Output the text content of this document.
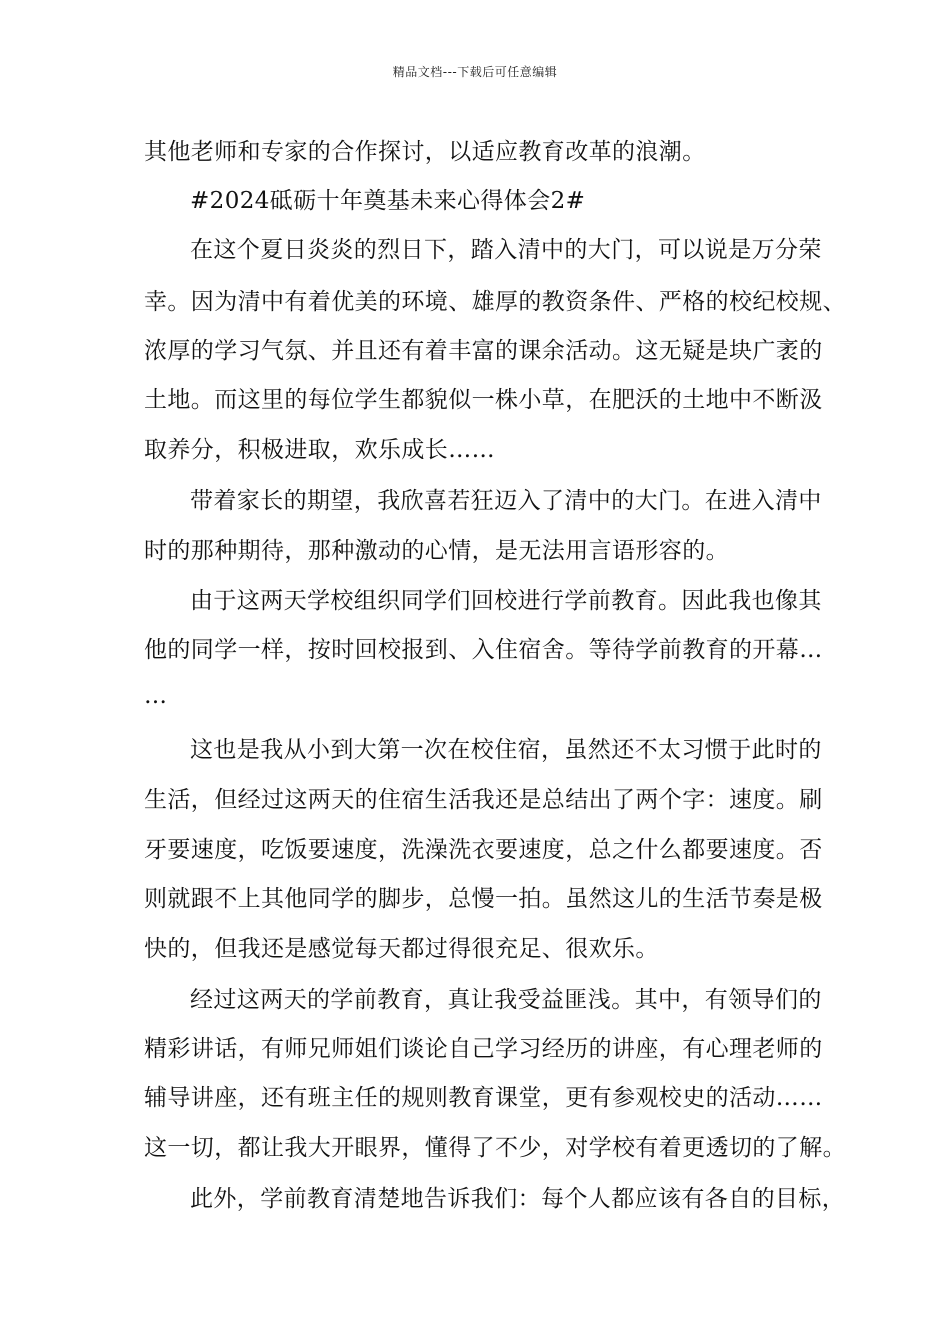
精品文档---下载后可任意编辑
其他老师和专家的合作探讨，以适应教育改革的浪潮。
#2024砥砺十年奠基未来心得体会2#
在这个夏日炎炎的烈日下，踏入清中的大门，可以说是万分荣
幸。因为清中有着优美的环境、雄厚的教资条件、严格的校纪校规、
浓厚的学习气氛、并且还有着丰富的课余活动。这无疑是块广袤的
土地。而这里的每位学生都貌似一株小草，在肥沃的土地中不断汲
取养分，积极进取，欢乐成长……
带着家长的期望，我欣喜若狂迈入了清中的大门。在进入清中
时的那种期待，那种激动的心情，是无法用言语形容的。
由于这两天学校组织同学们回校进行学前教育。因此我也像其
他的同学一样，按时回校报到、入住宿舍。等待学前教育的开幕…
…
这也是我从小到大第一次在校住宿，虽然还不太习惯于此时的
生活，但经过这两天的住宿生活我还是总结出了两个字：速度。刷
牙要速度，吃饭要速度，洗澡洗衣要速度，总之什么都要速度。否
则就跟不上其他同学的脚步，总慢一拍。虽然这儿的生活节奏是极
快的，但我还是感觉每天都过得很充足、很欢乐。
经过这两天的学前教育，真让我受益匪浅。其中，有领导们的
精彩讲话，有师兄师姐们谈论自己学习经历的讲座，有心理老师的
辅导讲座，还有班主任的规则教育课堂，更有参观校史的活动……
这一切，都让我大开眼界，懂得了不少，对学校有着更透切的了解。
此外，学前教育清楚地告诉我们：每个人都应该有各自的目标，
